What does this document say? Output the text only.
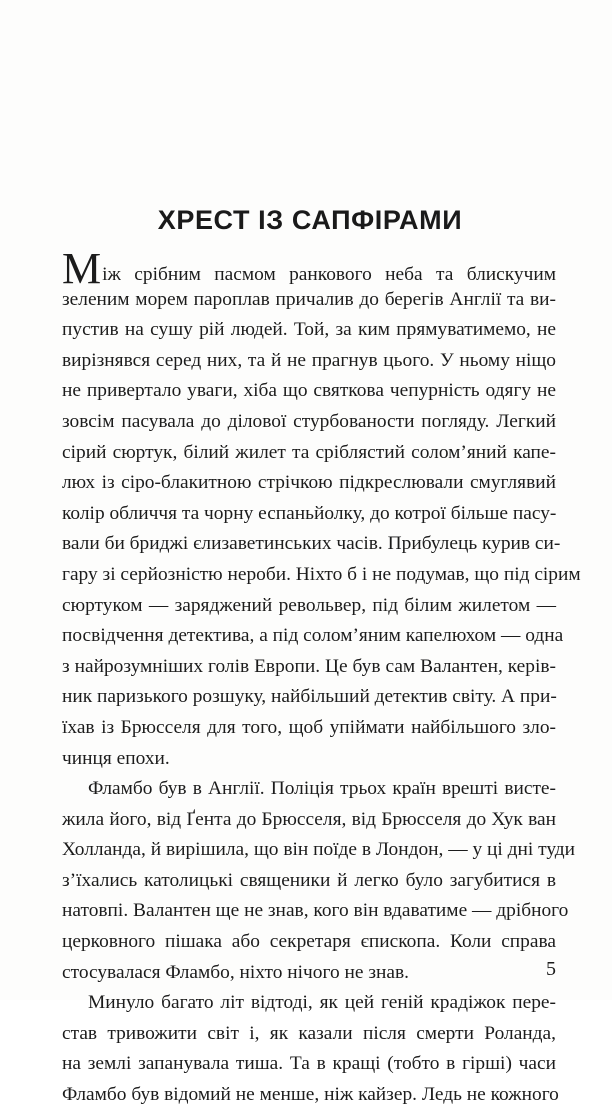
ХРЕСТ ІЗ САПФІРАМИ
Між срібним пасмом ранкового неба та блискучим
зеленим морем пароплав причалив до берегів Англії та ви-
пустив на сушу рій людей. Той, за ким прямуватимемо, не
вирізнявся серед них, та й не прагнув цього. У ньому ніщо
не привертало уваги, хіба що святкова чепурність одягу не
зовсім пасувала до ділової стурбованости погляду. Легкий
сірий сюртук, білий жилет та сріблястий солом’яний капе-
люх із сіро-блакитною стрічкою підкреслювали смуглявий
колір обличчя та чорну еспаньйолку, до котрої більше пасу-
вали би бриджі єлизаветинських часів. Прибулець курив си-
гару зі серйозністю нероби. Ніхто б і не подумав, що під сірим
сюртуком — заряджений револьвер, під білим жилетом —
посвідчення детектива, а під солом’яним капелюхом — одна
з найрозумніших голів Европи. Це був сам Валантен, керів-
ник паризького розшуку, найбільший детектив світу. А при-
їхав із Брюсселя для того, щоб упіймати найбільшого зло-
чинця епохи.
Фламбо був в Англії. Поліція трьох країн врешті висте-
жила його, від Ґента до Брюсселя, від Брюсселя до Хук ван
Холланда, й вирішила, що він поїде в Лондон, — у ці дні туди
з’їхались католицькі священики й легко було загубитися в
натовпі. Валантен ще не знав, кого він вдаватиме — дрібного
церковного пішака або секретаря єпископа. Коли справа
стосувалася Фламбо, ніхто нічого не знав.
Минуло багато літ відтоді, як цей геній крадіжок пере-
став тривожити світ і, як казали після смерти Роланда,
на землі запанувала тиша. Та в кращі (тобто в гірші) часи
Фламбо був відомий не менше, ніж кайзер. Ледь не кожного
5
